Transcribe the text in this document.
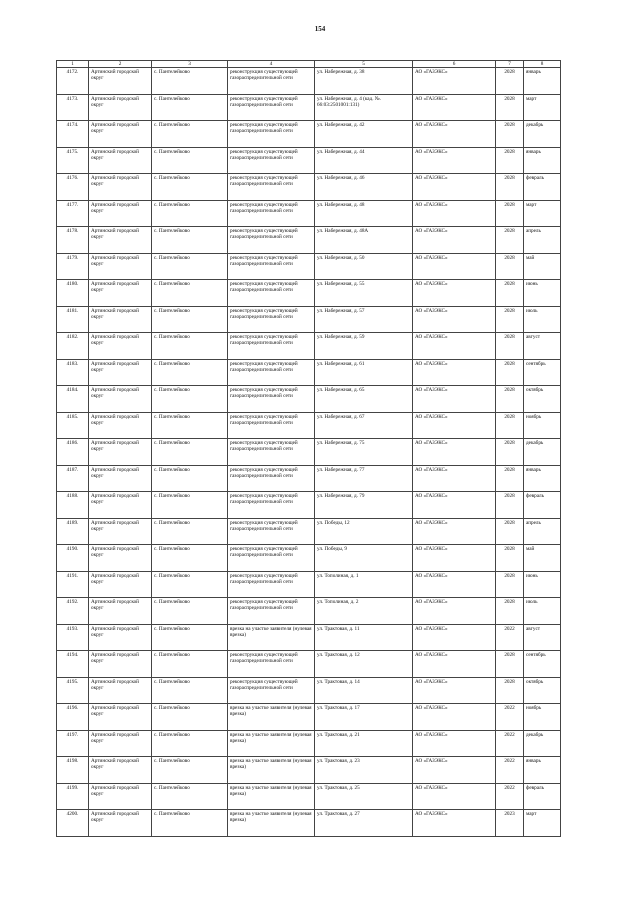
154
1	2	3	4	5	6	7	8
4172.	Артинский городской округ	с. Пантелейково	реконструкция существующей газораспределительной сети	ул. Набережная, д. 38	АО «ГАЗЭКС»	2028	январь
4173.	Артинский городской округ	с. Пантелейково	реконструкция существующей газораспределительной сети	ул. Набережная, д. 4 (кад. №. 66:03:2501001:131)	АО «ГАЗЭКС»	2028	март
4174.	Артинский городской округ	с. Пантелейково	реконструкция существующей газораспределительной сети	ул. Набережная, д. 42	АО «ГАЗЭКС»	2028	декабрь
4175.	Артинский городской округ	с. Пантелейково	реконструкция существующей газораспределительной сети	ул. Набережная, д. 44	АО «ГАЗЭКС»	2028	январь
4176.	Артинский городской округ	с. Пантелейково	реконструкция существующей газораспределительной сети	ул. Набережная, д. 46	АО «ГАЗЭКС»	2028	февраль
4177.	Артинский городской округ	с. Пантелейково	реконструкция существующей газораспределительной сети	ул. Набережная, д. 48	АО «ГАЗЭКС»	2028	март
4178.	Артинский городской округ	с. Пантелейково	реконструкция существующей газораспределительной сети	ул. Набережная, д. 48А	АО «ГАЗЭКС»	2028	апрель
4179.	Артинский городской округ	с. Пантелейково	реконструкция существующей газораспределительной сети	ул. Набережная, д. 50	АО «ГАЗЭКС»	2028	май
4180.	Артинский городской округ	с. Пантелейково	реконструкция существующей газораспределительной сети	ул. Набережная, д. 55	АО «ГАЗЭКС»	2028	июнь
4181.	Артинский городской округ	с. Пантелейково	реконструкция существующей газораспределительной сети	ул. Набережная, д. 57	АО «ГАЗЭКС»	2028	июль
4182.	Артинский городской округ	с. Пантелейково	реконструкция существующей газораспределительной сети	ул. Набережная, д. 59	АО «ГАЗЭКС»	2028	август
4183.	Артинский городской округ	с. Пантелейково	реконструкция существующей газораспределительной сети	ул. Набережная, д. 61	АО «ГАЗЭКС»	2028	сентябрь
4184.	Артинский городской округ	с. Пантелейково	реконструкция существующей газораспределительной сети	ул. Набережная, д. 65	АО «ГАЗЭКС»	2028	октябрь
4185.	Артинский городской округ	с. Пантелейково	реконструкция существующей газораспределительной сети	ул. Набережная, д. 67	АО «ГАЗЭКС»	2028	ноябрь
4186.	Артинский городской округ	с. Пантелейково	реконструкция существующей газораспределительной сети	ул. Набережная, д. 75	АО «ГАЗЭКС»	2028	декабрь
4187.	Артинский городской округ	с. Пантелейково	реконструкция существующей газораспределительной сети	ул. Набережная, д. 77	АО «ГАЗЭКС»	2028	январь
4188.	Артинский городской округ	с. Пантелейково	реконструкция существующей газораспределительной сети	ул. Набережная, д. 79	АО «ГАЗЭКС»	2028	февраль
4189.	Артинский городской округ	с. Пантелейково	реконструкция существующей газораспределительной сети	ул. Победы, 12	АО «ГАЗЭКС»	2028	апрель
4190.	Артинский городской округ	с. Пантелейково	реконструкция существующей газораспределительной сети	ул. Победы, 9	АО «ГАЗЭКС»	2028	май
4191.	Артинский городской округ	с. Пантелейково	реконструкция существующей газораспределительной сети	ул. Тополиная, д. 1	АО «ГАЗЭКС»	2028	июнь
4192.	Артинский городской округ	с. Пантелейково	реконструкция существующей газораспределительной сети	ул. Тополиная, д. 2	АО «ГАЗЭКС»	2028	июль
4193.	Артинский городской округ	с. Пантелейково	врезка на участке заявителя (нулевая врезка)	ул. Трактовая, д. 11	АО «ГАЗЭКС»	2022	август
4194.	Артинский городской округ	с. Пантелейково	реконструкция существующей газораспределительной сети	ул. Трактовая, д. 12	АО «ГАЗЭКС»	2028	сентябрь
4195.	Артинский городской округ	с. Пантелейково	реконструкция существующей газораспределительной сети	ул. Трактовая, д. 14	АО «ГАЗЭКС»	2028	октябрь
4196.	Артинский городской округ	с. Пантелейково	врезка на участке заявителя (нулевая врезка)	ул. Трактовая, д. 17	АО «ГАЗЭКС»	2022	ноябрь
4197.	Артинский городской округ	с. Пантелейково	врезка на участке заявителя (нулевая врезка)	ул. Трактовая, д. 21	АО «ГАЗЭКС»	2022	декабрь
4198.	Артинский городской округ	с. Пантелейково	врезка на участке заявителя (нулевая врезка)	ул. Трактовая, д. 23	АО «ГАЗЭКС»	2022	январь
4199.	Артинский городской округ	с. Пантелейково	врезка на участке заявителя (нулевая врезка)	ул. Трактовая, д. 25	АО «ГАЗЭКС»	2022	февраль
4200.	Артинский городской округ	с. Пантелейково	врезка на участке заявителя (нулевая врезка)	ул. Трактовая, д. 27	АО «ГАЗЭКС»	2023	март
